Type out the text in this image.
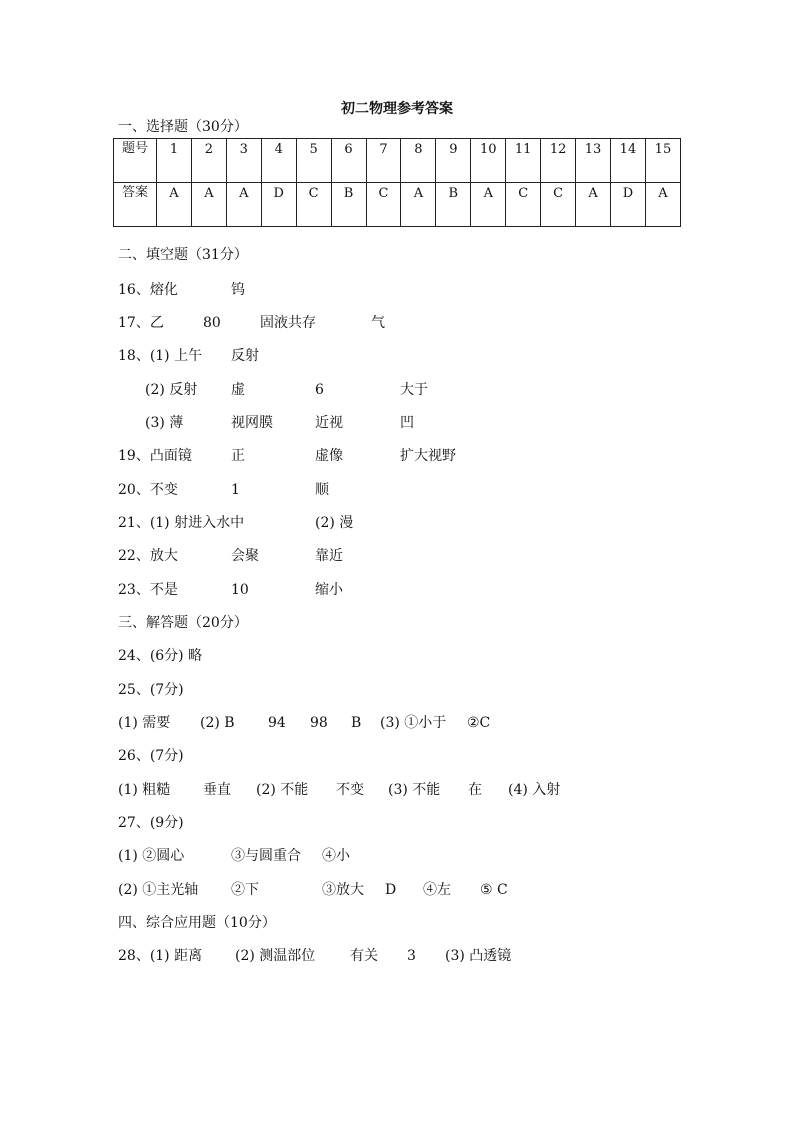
初二物理参考答案
一、选择题（30分）
题号	1	2	3	4	5	6	7	8	9	10	11	12	13	14	15
答案	A	A	A	D	C	B	C	A	B	A	C	C	A	D	A
二、填空题（31分）
三、解答题（20分）
四、综合应用题（10分）
16、熔化	钨
17、乙	80	固液共存	气
18、(1) 上午 反射
(2) 反射 虚	6	大于
(3) 薄	视网膜	近视	凹
19、凸面镜	正	虚像	扩大视野
20、不变	1	顺
21、(1) 射进入水中	(2) 漫
22、放大	会聚	靠近
23、不是	10	缩小
24、(6分) 略
25、(7分)
(1) 需要 (2) B 94 98 B (3) ①小于 ②C
26、(7分)
(1) 粗糙 垂直 (2) 不能 不变 (3) 不能 在 (4) 入射
27、(9分)
(1) ②圆心	③与圆重合 ④小
(2) ①主光轴 ②下	③放大 D ④左 ⑤ C
28、(1) 距离 (2) 测温部位 有关 3 (3) 凸透镜
